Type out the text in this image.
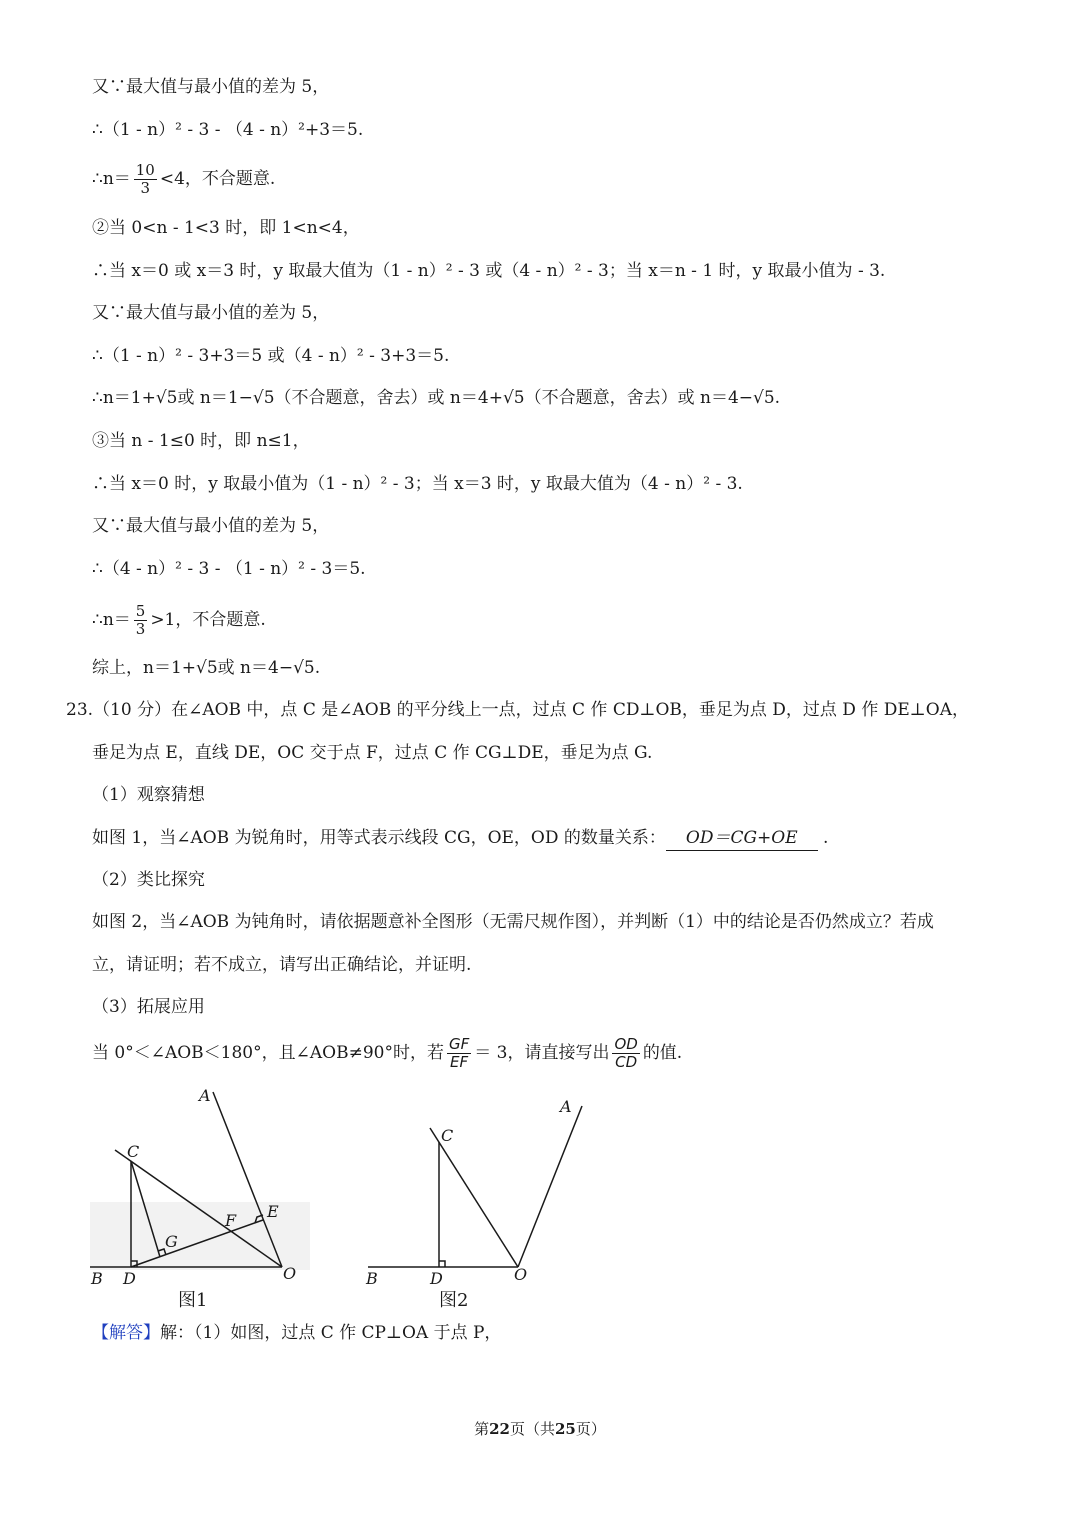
又∵最大值与最小值的差为 5，
∴（1 - n）² - 3 - （4 - n）²+3＝5.
∴n＝ $\frac{10}{3} <4$，不合题意.
②当 0<n - 1<3 时，即 1<n<4，
∴当 x＝0 或 x＝3 时，y 取最大值为（1 - n）² - 3 或（4 - n）² - 3；当 x＝n - 1 时，y 取最小值为 - 3.
又∵最大值与最小值的差为 5，
∴（1 - n）² - 3+3＝5 或（4 - n）² - 3+3＝5.
∴n＝1+√5或 n＝1−√5（不合题意，舍去）或 n＝4+√5（不合题意，舍去）或 n＝4−√5.
③当 n - 1≤0 时，即 n≤1，
∴当 x＝0 时，y 取最小值为（1 - n）² - 3；当 x＝3 时，y 取最大值为（4 - n）² - 3.
又∵最大值与最小值的差为 5，
∴（4 - n）² - 3 - （1 - n）² - 3＝5.
∴n＝ $\frac{5}{3} >1$，不合题意.
综上，n＝1+√5或 n＝4−√5.
23.（10 分）在∠AOB 中，点 C 是∠AOB 的平分线上一点，过点 C 作 CD⊥OB，垂足为点 D，过点 D 作 DE⊥OA，
垂足为点 E，直线 DE，OC 交于点 F，过点 C 作 CG⊥DE，垂足为点 G.
（1）观察猜想
如图 1，当∠AOB 为锐角时，用等式表示线段 CG，OE，OD 的数量关系： OD＝CG+OE .
（2）类比探究
如图 2，当∠AOB 为钝角时，请依据题意补全图形（无需尺规作图），并判断（1）中的结论是否仍然成立？若成
立，请证明；若不成立，请写出正确结论，并证明.
（3）拓展应用
当 0°＜∠AOB＜180°，且∠AOB≠90°时，若 $\frac{GF}{EF} = 3$，请直接写出 $\frac{OD}{CD}$ 的值.
A
C
E
F
G
B D	O
图1
A
C
B	D	O
图2
【解答】解：（1）如图，过点 C 作 CP⊥OA 于点 P，
第22页（共25页）
